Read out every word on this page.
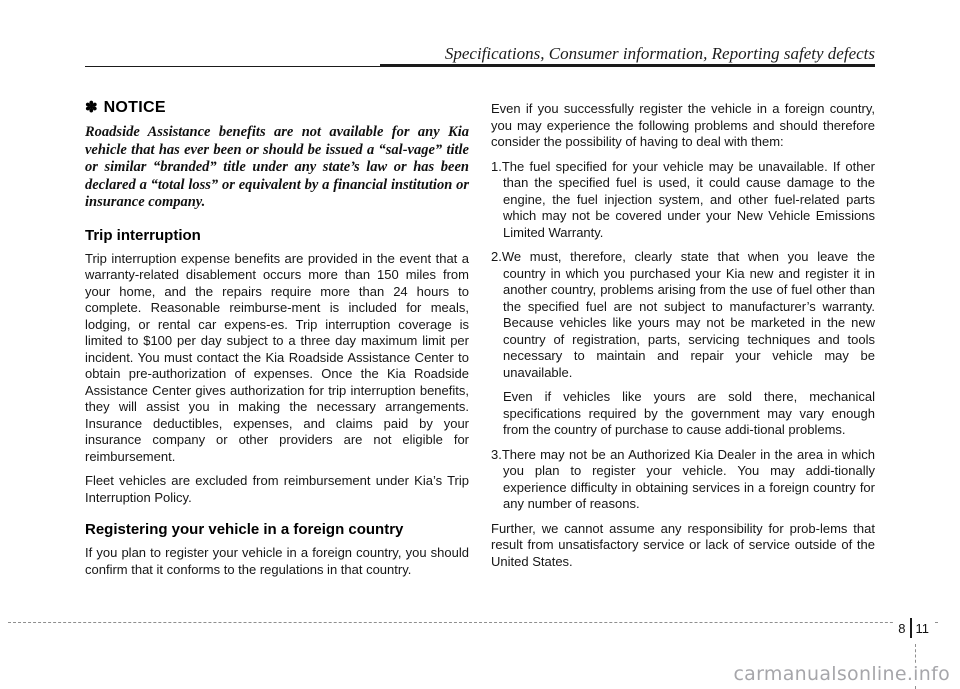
Specifications, Consumer information, Reporting safety defects
✽ NOTICE

Roadside Assistance benefits are not available for any Kia vehicle that has ever been or should be issued a “sal-vage” title or similar “branded” title under any state’s law or has been declared a “total loss” or equivalent by a financial institution or insurance company.

Trip interruption

Trip interruption expense benefits are provided in the event that a warranty-related disablement occurs more than 150 miles from your home, and the repairs require more than 24 hours to complete. Reasonable reimburse-ment is included for meals, lodging, or rental car expens-es. Trip interruption coverage is limited to $100 per day subject to a three day maximum limit per incident. You must contact the Kia Roadside Assistance Center to obtain pre-authorization of expenses. Once the Kia Roadside Assistance Center gives authorization for trip interruption benefits, they will assist you in making the necessary arrangements. Insurance deductibles, expenses, and claims paid by your insurance company or other providers are not eligible for reimbursement.

Fleet vehicles are excluded from reimbursement under Kia’s Trip Interruption Policy.

Registering your vehicle in a foreign country

If you plan to register your vehicle in a foreign country, you should confirm that it conforms to the regulations in that country.

Even if you successfully register the vehicle in a foreign country, you may experience the following problems and should therefore consider the possibility of having to deal with them:

1.The fuel specified for your vehicle may be unavailable. If other than the specified fuel is used, it could cause damage to the engine, the fuel injection system, and other fuel-related parts which may not be covered under your New Vehicle Emissions Limited Warranty.

2.We must, therefore, clearly state that when you leave the country in which you purchased your Kia new and register it in another country, problems arising from the use of fuel other than the specified fuel are not subject to manufacturer’s warranty. Because vehicles like yours may not be marketed in the new country of registration, parts, servicing techniques and tools necessary to maintain and repair your vehicle may be unavailable.

Even if vehicles like yours are sold there, mechanical specifications required by the government may vary enough from the country of purchase to cause addi-tional problems.

3.There may not be an Authorized Kia Dealer in the area in which you plan to register your vehicle. You may addi-tionally experience difficulty in obtaining services in a foreign country for any number of reasons.

Further, we cannot assume any responsibility for prob-lems that result from unsatisfactory service or lack of service outside of the United States.

8 11
carmanualsonline.info
